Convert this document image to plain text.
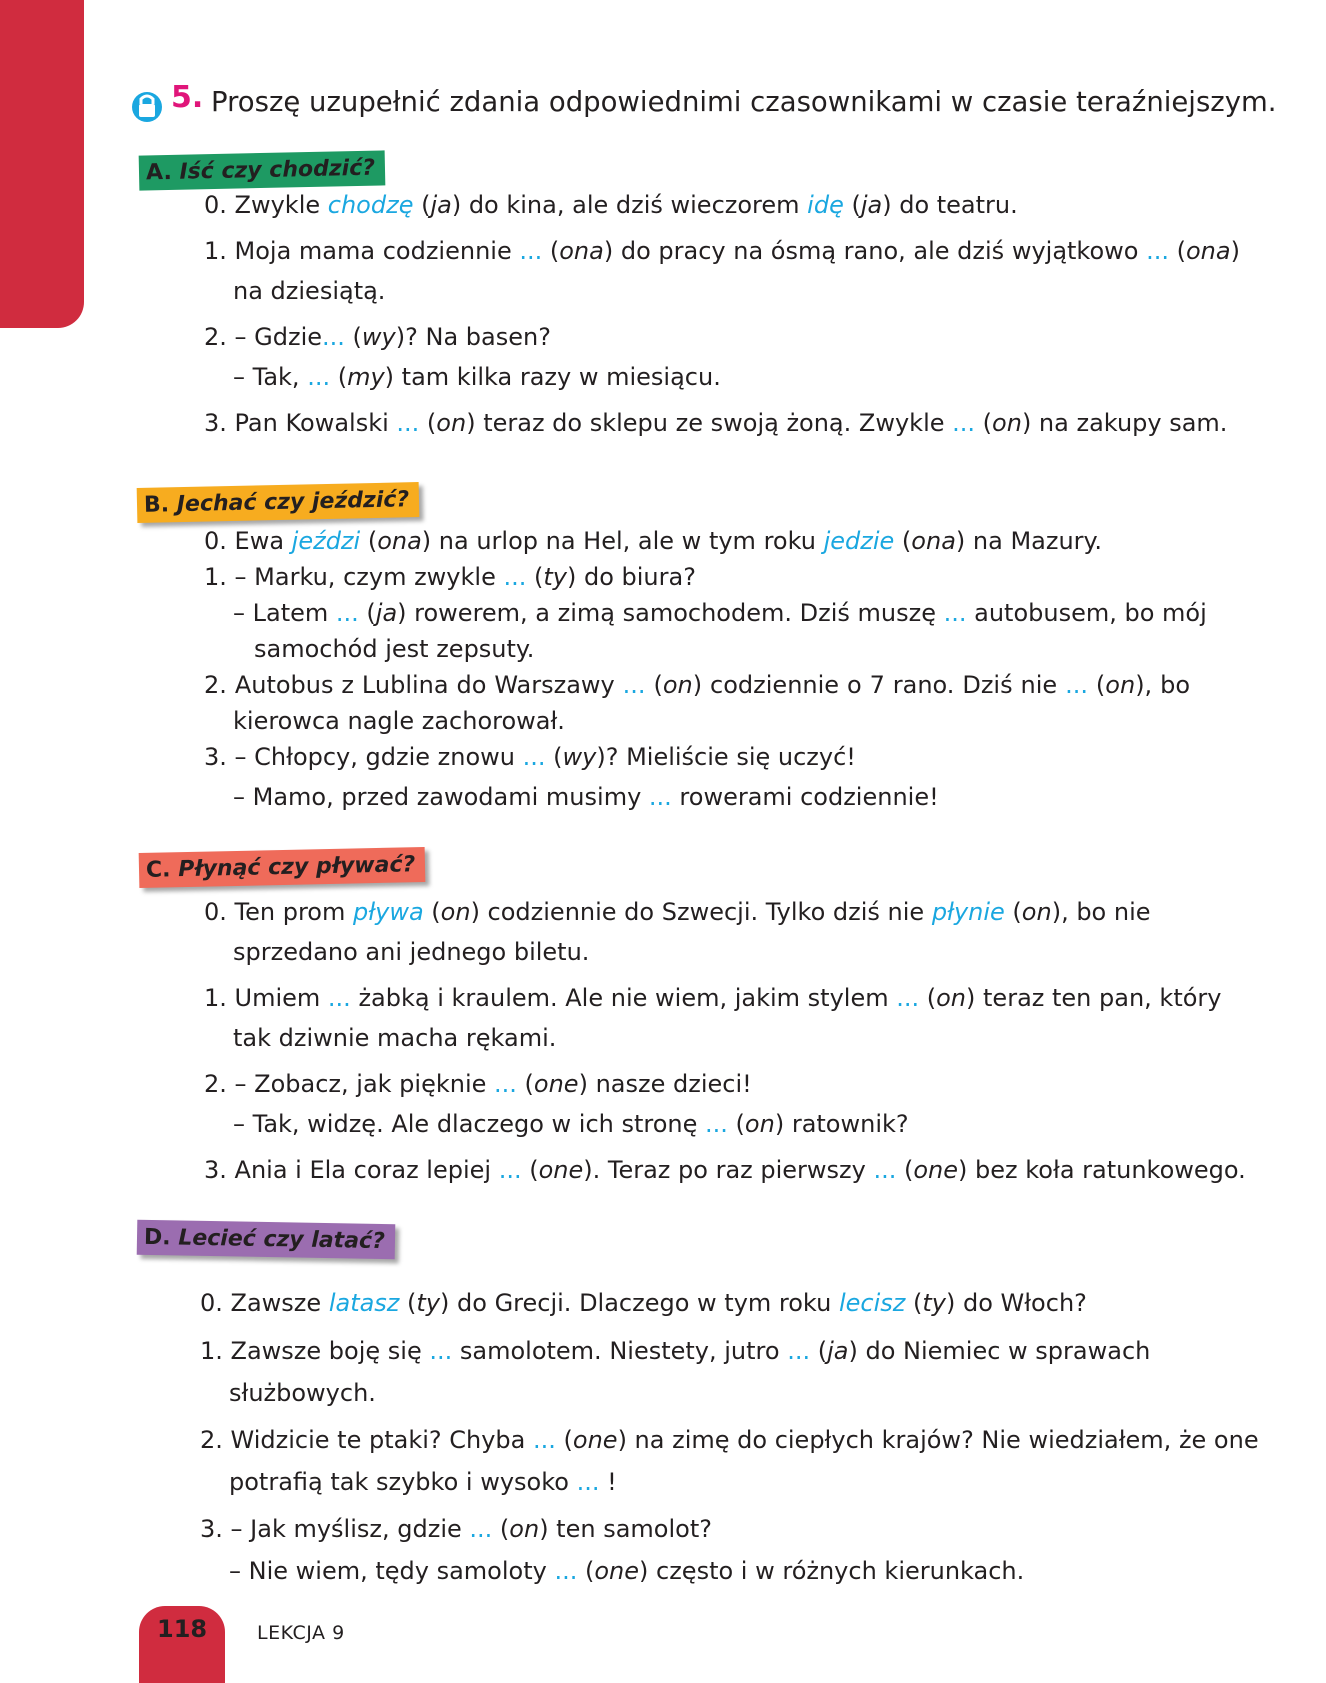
5. Proszę uzupełnić zdania odpowiednimi czasownikami w czasie teraźniejszym.
A. Iść czy chodzić?
0. Zwykle chodzę (ja) do kina, ale dziś wieczorem idę (ja) do teatru.
1. Moja mama codziennie ... (ona) do pracy na ósmą rano, ale dziś wyjątkowo ... (ona)
na dziesiątą.
2. – Gdzie... (wy)? Na basen?
– Tak, ... (my) tam kilka razy w miesiącu.
3. Pan Kowalski ... (on) teraz do sklepu ze swoją żoną. Zwykle ... (on) na zakupy sam.
B. Jechać czy jeździć?
0. Ewa jeździ (ona) na urlop na Hel, ale w tym roku jedzie (ona) na Mazury.
1. – Marku, czym zwykle ... (ty) do biura?
– Latem ... (ja) rowerem, a zimą samochodem. Dziś muszę ... autobusem, bo mój
samochód jest zepsuty.
2. Autobus z Lublina do Warszawy ... (on) codziennie o 7 rano. Dziś nie ... (on), bo
kierowca nagle zachorował.
3. – Chłopcy, gdzie znowu ... (wy)? Mieliście się uczyć!
– Mamo, przed zawodami musimy ... rowerami codziennie!
C. Płynąć czy pływać?
0. Ten prom pływa (on) codziennie do Szwecji. Tylko dziś nie płynie (on), bo nie
sprzedano ani jednego biletu.
1. Umiem ... żabką i kraulem. Ale nie wiem, jakim stylem ... (on) teraz ten pan, który
tak dziwnie macha rękami.
2. – Zobacz, jak pięknie ... (one) nasze dzieci!
– Tak, widzę. Ale dlaczego w ich stronę ... (on) ratownik?
3. Ania i Ela coraz lepiej ... (one). Teraz po raz pierwszy ... (one) bez koła ratunkowego.
D. Lecieć czy latać?
0. Zawsze latasz (ty) do Grecji. Dlaczego w tym roku lecisz (ty) do Włoch?
1. Zawsze boję się ... samolotem. Niestety, jutro ... (ja) do Niemiec w sprawach
służbowych.
2. Widzicie te ptaki? Chyba ... (one) na zimę do ciepłych krajów? Nie wiedziałem, że one
potrafią tak szybko i wysoko ... !
3. – Jak myślisz, gdzie ... (on) ten samolot?
– Nie wiem, tędy samoloty ... (one) często i w różnych kierunkach.
118	LEKCJA 9
